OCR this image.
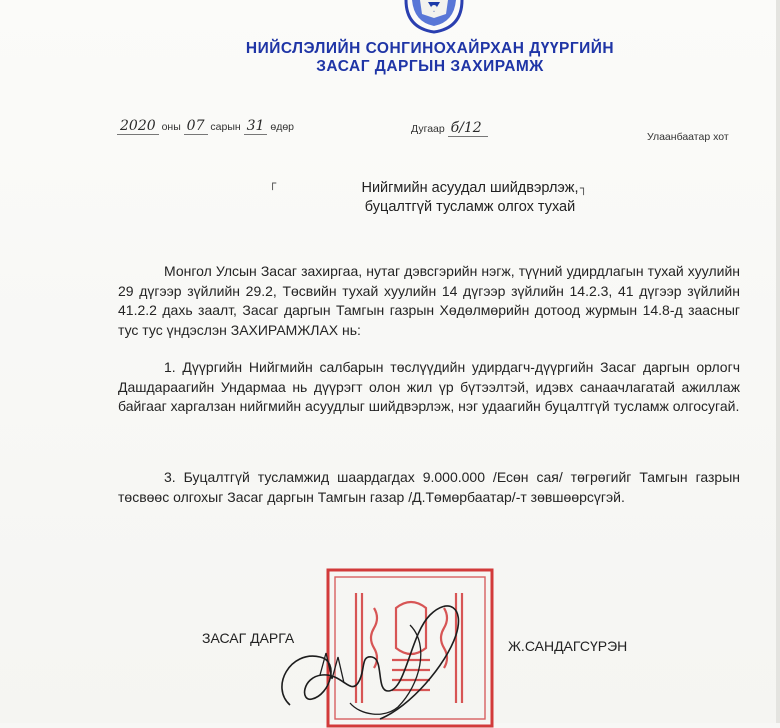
НИЙСЛЭЛИЙН СОНГИНОХАЙРХАН ДҮҮРГИЙН
ЗАСАГ ДАРГЫН ЗАХИРАМЖ
2020 оны 07 сарын 31 өдөр	Дугаар б/12
Улаанбаатар хот
┌	┐
Нийгмийн асуудал шийдвэрлэж,
буцалтгүй тусламж олгох тухай

Монгол Улсын Засаг захиргаа, нутаг дэвсгэрийн нэгж, түүний удирдлагын тухай хуулийн 29 дүгээр зүйлийн 29.2, Төсвийн тухай хуулийн 14 дүгээр зүйлийн 14.2.3, 41 дүгээр зүйлийн 41.2.2 дахь заалт, Засаг даргын Тамгын газрын Хөдөлмөрийн дотоод журмын 14.8-д заасныг тус тус үндэслэн ЗАХИРАМЖЛАХ нь:

1. Дүүргийн Нийгмийн салбарын төслүүдийн удирдагч-дүүргийн Засаг даргын орлогч Дашдараагийн Ундармаа нь дүүрэгт олон жил үр бүтээлтэй, идэвх санаачлагатай ажиллаж байгааг харгалзан нийгмийн асуудлыг шийдвэрлэж, нэг удаагийн буцалтгүй тусламж олгосугай.

3. Буцалтгүй тусламжид шаардагдах 9.000.000 /Есөн сая/ төгрөгийг Тамгын газрын төсвөөс олгохыг Засаг даргын Тамгын газар /Д.Төмөрбаатар/-т зөвшөөрсүгэй.

ЗАСАГ ДАРГА	Ж.САНДАГСҮРЭН
